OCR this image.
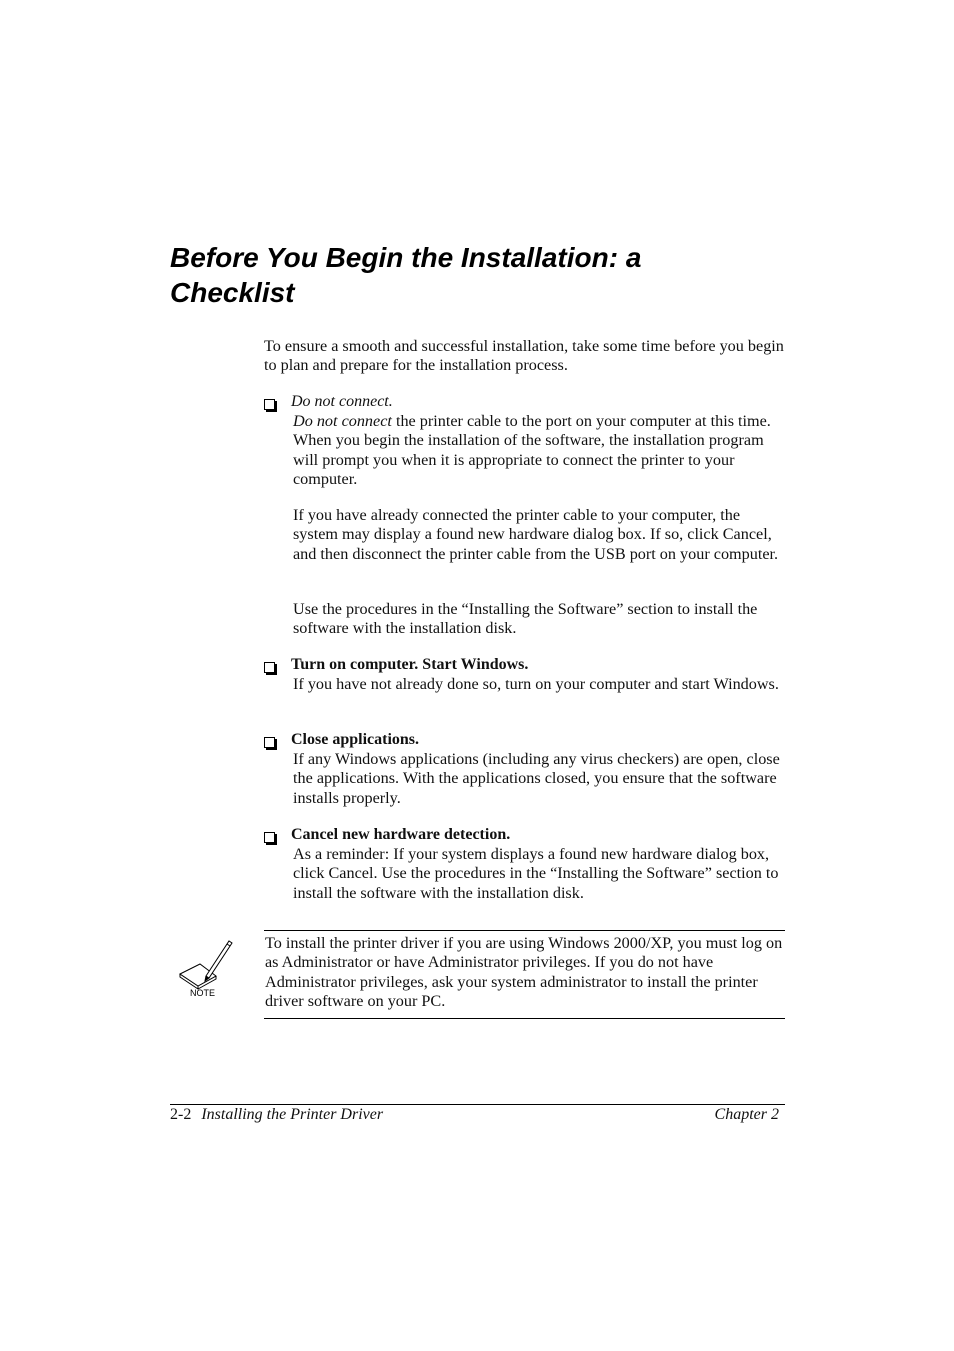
Before You Begin the Installation: a
Checklist

To ensure a smooth and successful installation, take some time before you begin to plan and prepare for the installation process.

Do not connect.

Do not connect the printer cable to the port on your computer at this time. When you begin the installation of the software, the installation program will prompt you when it is appropriate to connect the printer to your computer.

If you have already connected the printer cable to your computer, the system may display a found new hardware dialog box. If so, click Cancel, and then disconnect the printer cable from the USB port on your computer.

Use the procedures in the “Installing the Software” section to install the software with the installation disk.

Turn on computer. Start Windows.

If you have not already done so, turn on your computer and start Windows.

Close applications.

If any Windows applications (including any virus checkers) are open, close the applications. With the applications closed, you ensure that the software installs properly.

Cancel new hardware detection.

As a reminder: If your system displays a found new hardware dialog box, click Cancel. Use the procedures in the “Installing the Software” section to install the software with the installation disk.

NOTE

To install the printer driver if you are using Windows 2000/XP, you must log on as Administrator or have Administrator privileges. If you do not have Administrator privileges, ask your system administrator to install the printer driver software on your PC.

2-2 Installing the Printer Driver	Chapter 2
